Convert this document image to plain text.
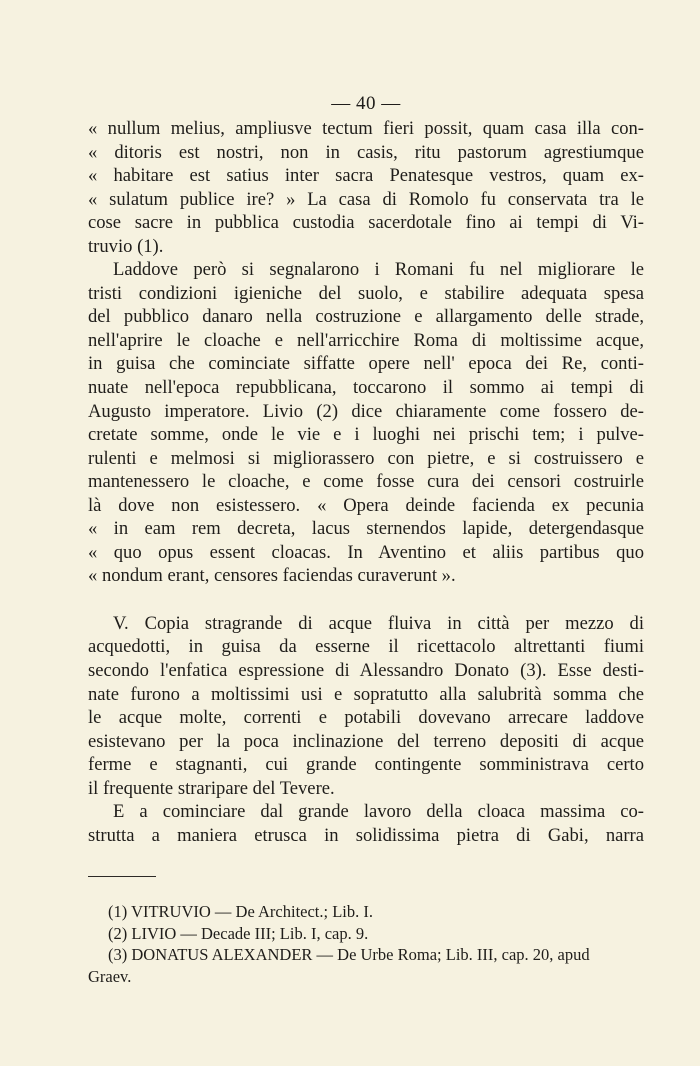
— 40 —
« nullum melius, ampliusve tectum fieri possit, quam casa illa con-
« ditoris est nostri, non in casis, ritu pastorum agrestiumque
« habitare est satius inter sacra Penatesque vestros, quam ex-
« sulatum publice ire? » La casa di Romolo fu conservata tra le
cose sacre in pubblica custodia sacerdotale fino ai tempi di Vi-
truvio (1).
Laddove però si segnalarono i Romani fu nel migliorare le
tristi condizioni igieniche del suolo, e stabilire adequata spesa
del pubblico danaro nella costruzione e allargamento delle strade,
nell'aprire le cloache e nell'arricchire Roma di moltissime acque,
in guisa che cominciate siffatte opere nell' epoca dei Re, conti-
nuate nell'epoca repubblicana, toccarono il sommo ai tempi di
Augusto imperatore. Livio (2) dice chiaramente come fossero de-
cretate somme, onde le vie e i luoghi nei prischi tem; i pulve-
rulenti e melmosi si migliorassero con pietre, e si costruissero e
mantenessero le cloache, e come fosse cura dei censori costruirle
là dove non esistessero. « Opera deinde facienda ex pecunia
« in eam rem decreta, lacus sternendos lapide, detergendasque
« quo opus essent cloacas. In Aventino et aliis partibus quo
« nondum erant, censores faciendas curaverunt ».
V. Copia stragrande di acque fluiva in città per mezzo di
acquedotti, in guisa da esserne il ricettacolo altrettanti fiumi
secondo l'enfatica espressione di Alessandro Donato (3). Esse desti-
nate furono a moltissimi usi e sopratutto alla salubrità somma che
le acque molte, correnti e potabili dovevano arrecare laddove
esistevano per la poca inclinazione del terreno depositi di acque
ferme e stagnanti, cui grande contingente somministrava certo
il frequente straripare del Tevere.
E a cominciare dal grande lavoro della cloaca massima co-
strutta a maniera etrusca in solidissima pietra di Gabi, narra
(1) VITRUVIO — De Architect.; Lib. I.
(2) LIVIO — Decade III; Lib. I, cap. 9.
(3) DONATUS ALEXANDER — De Urbe Roma; Lib. III, cap. 20, apud
Graev.
